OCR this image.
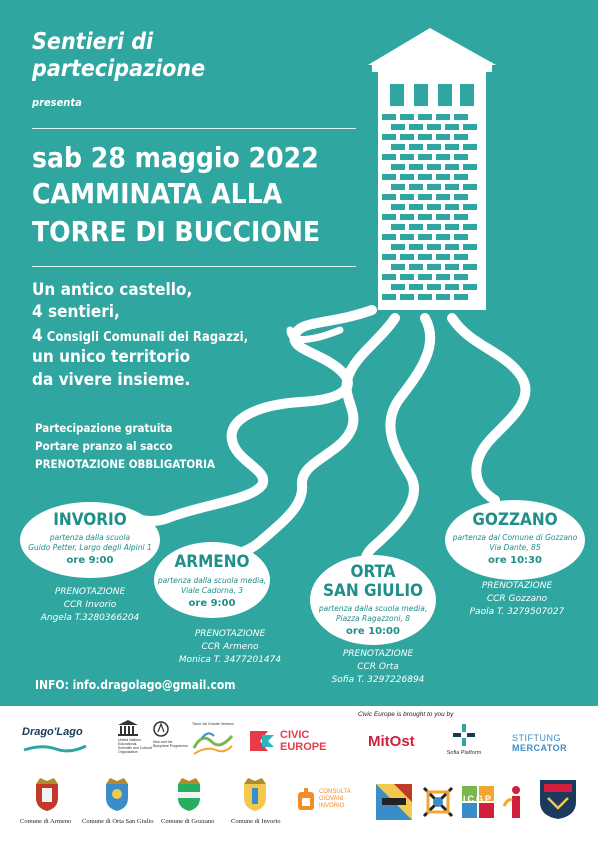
Sentieri di
partecipazione
presenta
sab 28 maggio 2022
CAMMINATA ALLA
TORRE DI BUCCIONE
Un antico castello,
4 sentieri,
4 Consigli Comunali dei Ragazzi,
un unico territorio
da vivere insieme.
Partecipazione gratuita
Portare pranzo al sacco
PRENOTAZIONE OBBLIGATORIA
INVORIO
partenza dalla scuola
Guido Petter, Largo degli Alpini 1
ore 9:00	ARMENO
partenza dalla scuola media,
Viale Cadorna, 3
ore 9:00
ORTA
SAN GIULIO
partenza dalla scuola media,
Piazza Ragazzoni, 8
ore 10:00
GOZZANO
partenza dal Comune di Gozzano
Via Dante, 85
ore 10:30
PRENOTAZIONE
CCR Invorio
Angela T.3280366204
PRENOTAZIONE
CCR Armeno
Monica T. 3477201474
PRENOTAZIONE
CCR Orta
Sofia T. 3297226894
PRENOTAZIONE
CCR Gozzano
Paola T. 3279507027
INFO: info.dragolago@gmail.com
Civic Europe is brought to you by
Drago'Lago
United Nations Educational, Scientific and Cultural Organization
Man and the Biosphere Programme
Ticino Val Grande Verbano
CIVIC
EUROPE	MitOst
Sofia Platform
STIFTUNG
MERCATOR
Comune di Armeno Comune di Orta San Giulio Comune di Gozzano	Comune di Invorio
CONSULTA
GIOVANI
INVORIO
ICGP
